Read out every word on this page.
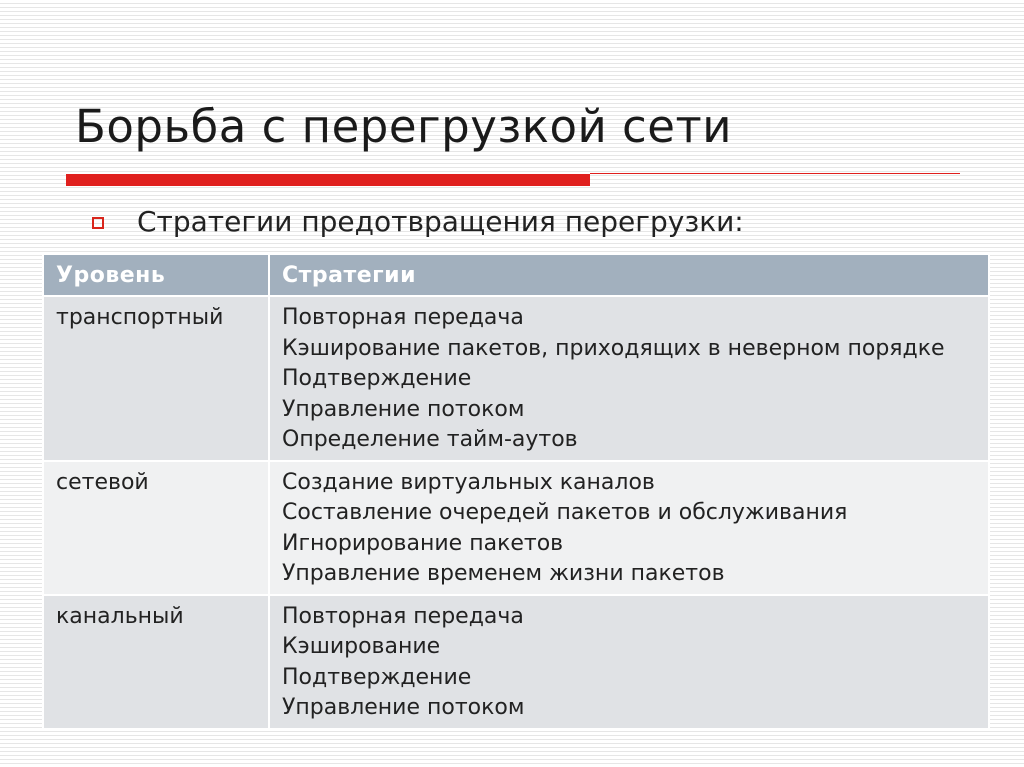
Борьба с перегрузкой сети
Стратегии предотвращения перегрузки:
Уровень	Стратегии
транспортный	Повторная передача
Кэширование пакетов, приходящих в неверном порядке
Подтверждение
Управление потоком
Определение тайм-аутов

сетевой	Создание виртуальных каналов
Составление очередей пакетов и обслуживания
Игнорирование пакетов
Управление временем жизни пакетов

канальный	Повторная передача
Кэширование
Подтверждение
Управление потоком
